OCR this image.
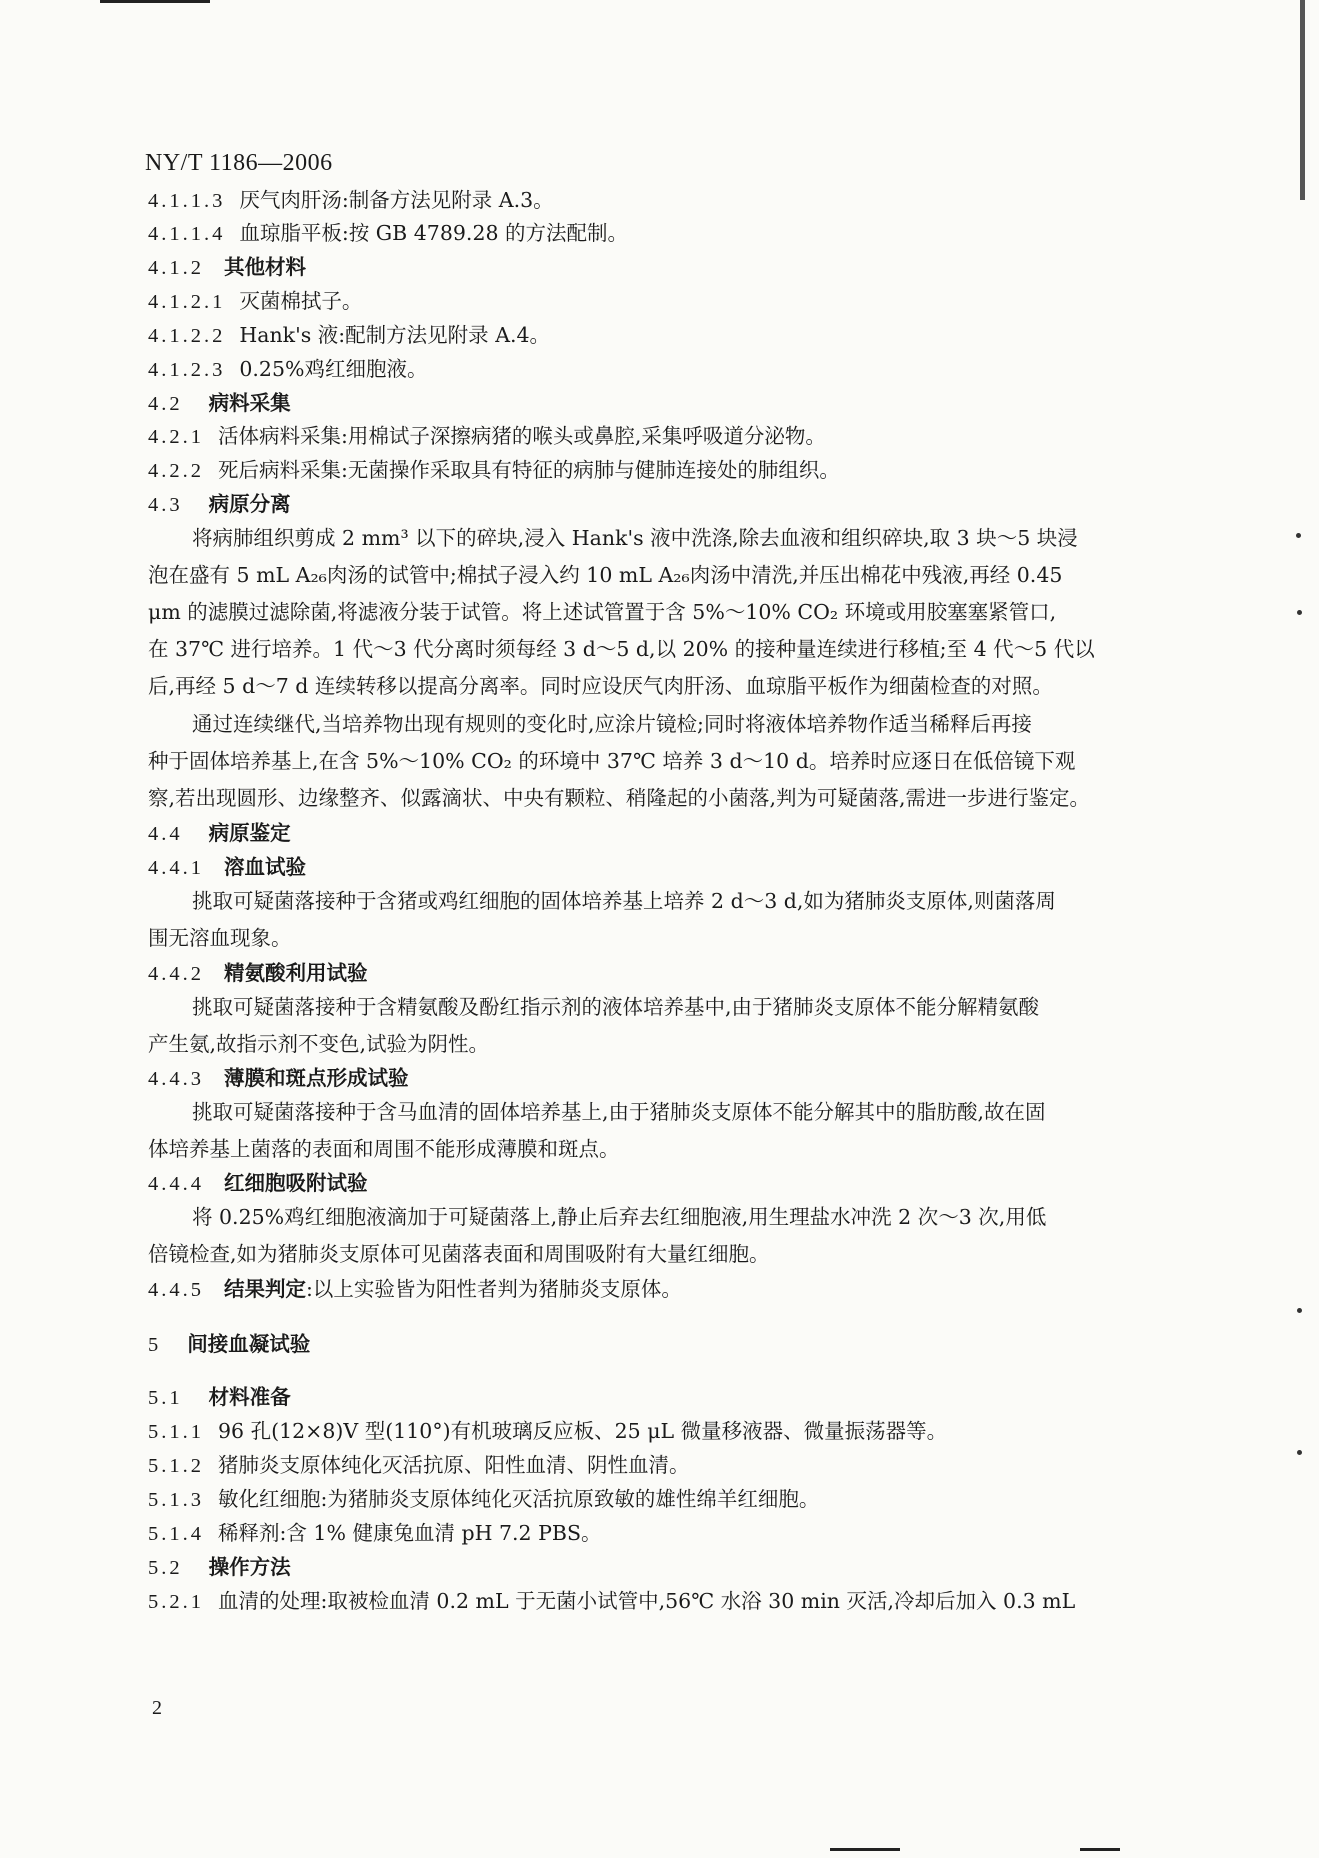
NY/T 1186—2006
4.1.1.3 厌气肉肝汤:制备方法见附录 A.3。
4.1.1.4 血琼脂平板:按 GB 4789.28 的方法配制。
4.1.2 其他材料
4.1.2.1 灭菌棉拭子。
4.1.2.2 Hank's 液:配制方法见附录 A.4。
4.1.2.3 0.25%鸡红细胞液。
4.2 病料采集
4.2.1 活体病料采集:用棉试子深擦病猪的喉头或鼻腔,采集呼吸道分泌物。
4.2.2 死后病料采集:无菌操作采取具有特征的病肺与健肺连接处的肺组织。
4.3 病原分离
将病肺组织剪成 2 mm³ 以下的碎块,浸入 Hank's 液中洗涤,除去血液和组织碎块,取 3 块～5 块浸
泡在盛有 5 mL A₂₆肉汤的试管中;棉拭子浸入约 10 mL A₂₆肉汤中清洗,并压出棉花中残液,再经 0.45
μm 的滤膜过滤除菌,将滤液分装于试管。将上述试管置于含 5%～10% CO₂ 环境或用胶塞塞紧管口,
在 37℃ 进行培养。1 代～3 代分离时须每经 3 d～5 d,以 20% 的接种量连续进行移植;至 4 代～5 代以
后,再经 5 d～7 d 连续转移以提高分离率。同时应设厌气肉肝汤、血琼脂平板作为细菌检查的对照。
通过连续继代,当培养物出现有规则的变化时,应涂片镜检;同时将液体培养物作适当稀释后再接
种于固体培养基上,在含 5%～10% CO₂ 的环境中 37℃ 培养 3 d～10 d。培养时应逐日在低倍镜下观
察,若出现圆形、边缘整齐、似露滴状、中央有颗粒、稍隆起的小菌落,判为可疑菌落,需进一步进行鉴定。
4.4 病原鉴定
4.4.1 溶血试验
挑取可疑菌落接种于含猪或鸡红细胞的固体培养基上培养 2 d～3 d,如为猪肺炎支原体,则菌落周
围无溶血现象。
4.4.2 精氨酸利用试验
挑取可疑菌落接种于含精氨酸及酚红指示剂的液体培养基中,由于猪肺炎支原体不能分解精氨酸
产生氨,故指示剂不变色,试验为阴性。
4.4.3 薄膜和斑点形成试验
挑取可疑菌落接种于含马血清的固体培养基上,由于猪肺炎支原体不能分解其中的脂肪酸,故在固
体培养基上菌落的表面和周围不能形成薄膜和斑点。
4.4.4 红细胞吸附试验
将 0.25%鸡红细胞液滴加于可疑菌落上,静止后弃去红细胞液,用生理盐水冲洗 2 次～3 次,用低
倍镜检查,如为猪肺炎支原体可见菌落表面和周围吸附有大量红细胞。
4.4.5 结果判定:以上实验皆为阳性者判为猪肺炎支原体。
5 间接血凝试验
5.1 材料准备
5.1.1 96 孔(12×8)V 型(110°)有机玻璃反应板、25 μL 微量移液器、微量振荡器等。
5.1.2 猪肺炎支原体纯化灭活抗原、阳性血清、阴性血清。
5.1.3 敏化红细胞:为猪肺炎支原体纯化灭活抗原致敏的雄性绵羊红细胞。
5.1.4 稀释剂:含 1% 健康兔血清 pH 7.2 PBS。
5.2 操作方法
5.2.1 血清的处理:取被检血清 0.2 mL 于无菌小试管中,56℃ 水浴 30 min 灭活,冷却后加入 0.3 mL
2
